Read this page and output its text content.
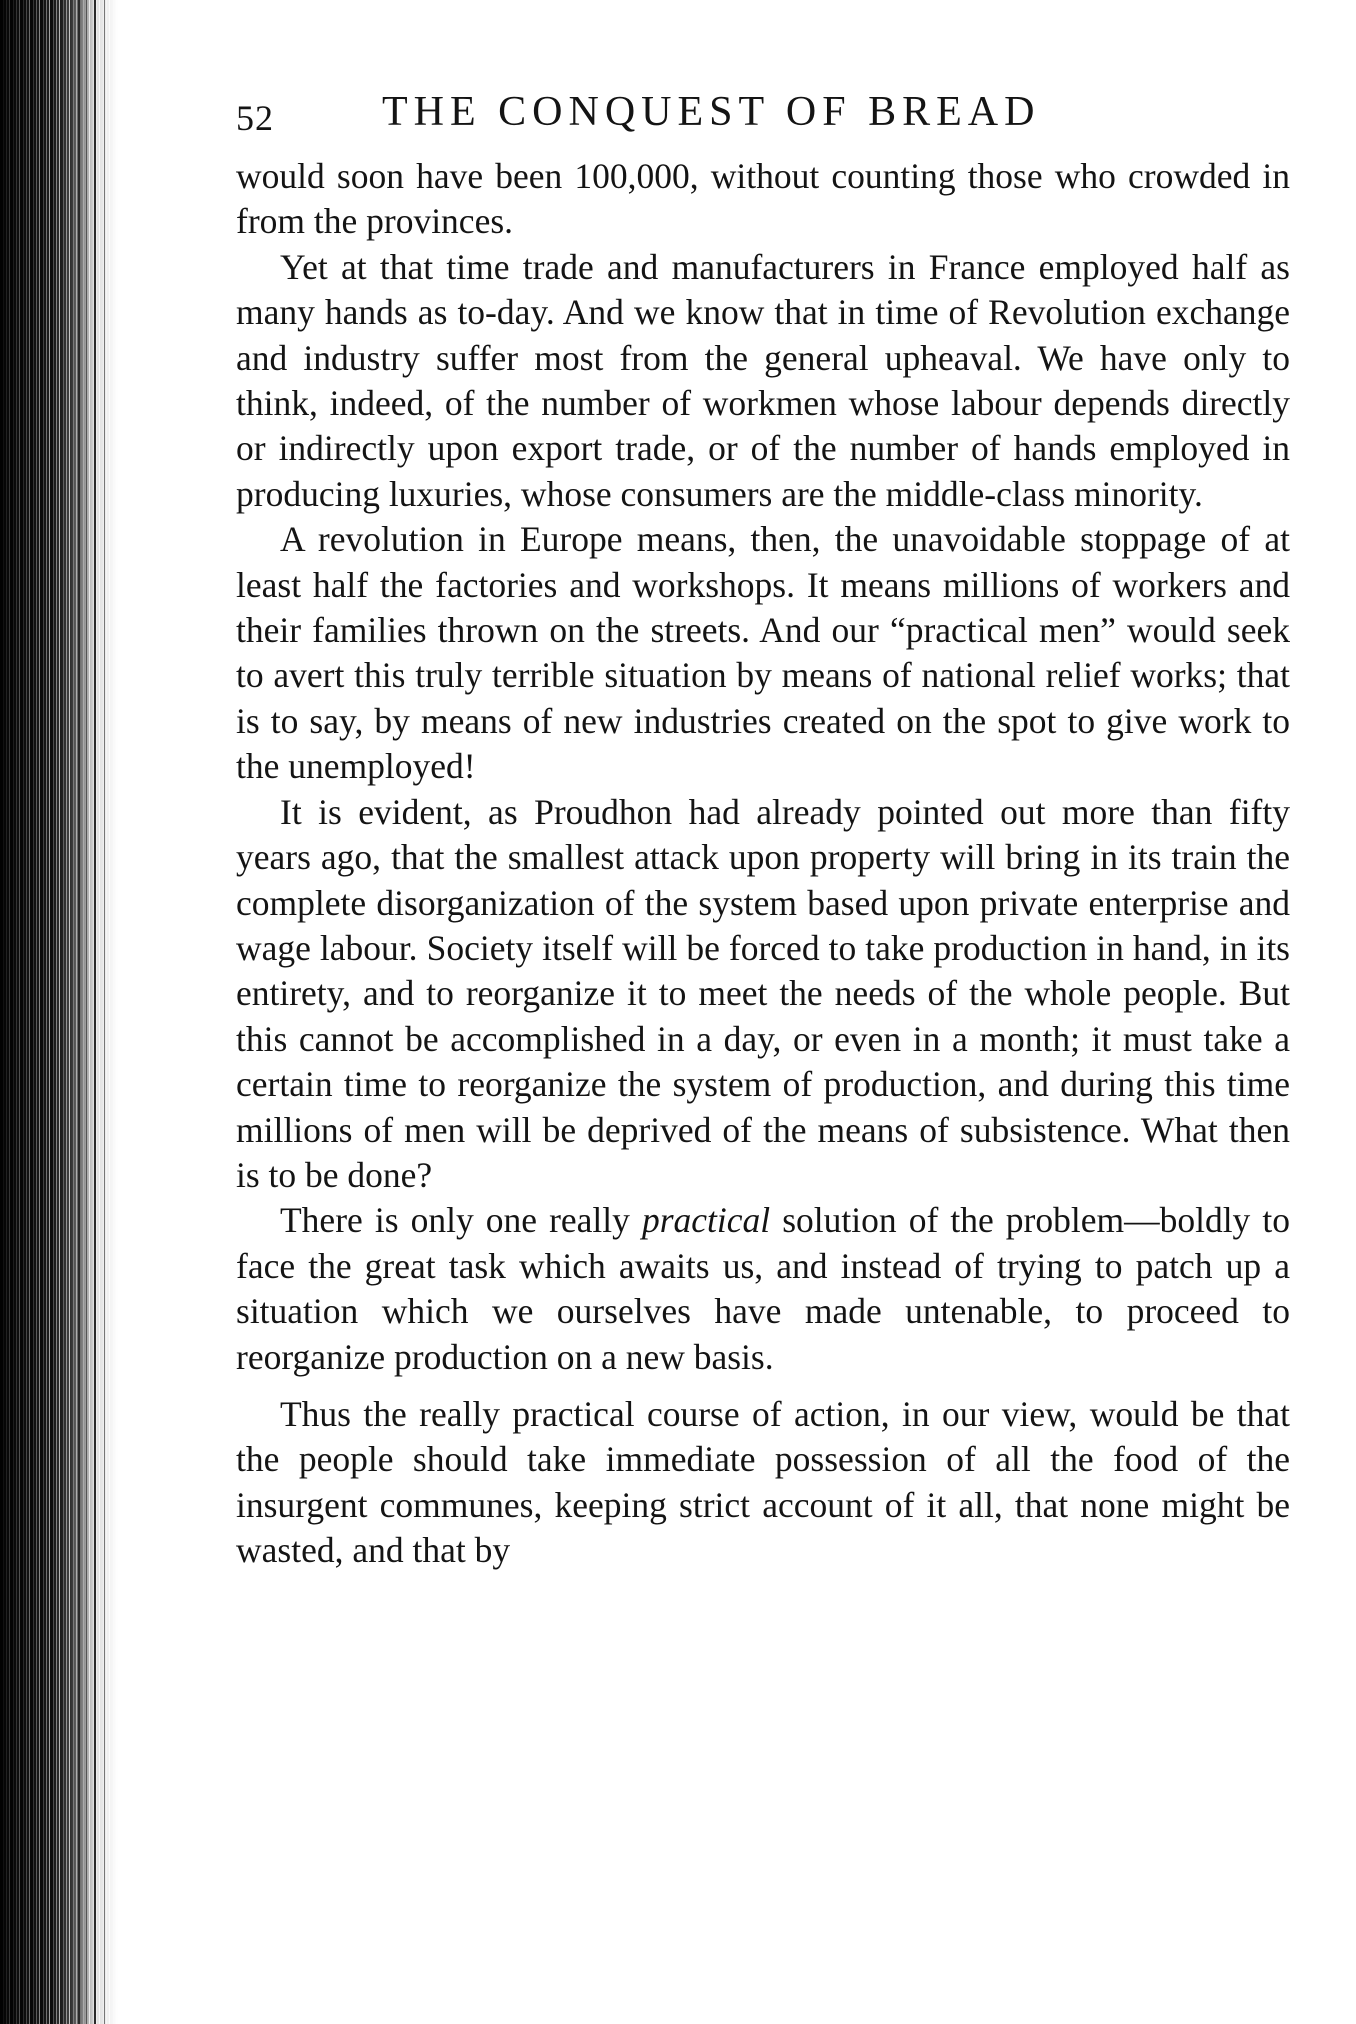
52	THE CONQUEST OF BREAD

would soon have been 100,000, without counting those who crowded in from the provinces.

Yet at that time trade and manufacturers in France employed half as many hands as to-day. And we know that in time of Revolution exchange and industry suffer most from the general upheaval. We have only to think, indeed, of the number of workmen whose labour depends directly or indirectly upon export trade, or of the number of hands employed in producing luxuries, whose consumers are the middle-class minority.

A revolution in Europe means, then, the unavoidable stoppage of at least half the factories and workshops. It means millions of workers and their families thrown on the streets. And our “practical men” would seek to avert this truly terrible situation by means of national relief works; that is to say, by means of new industries created on the spot to give work to the unemployed!

It is evident, as Proudhon had already pointed out more than fifty years ago, that the smallest attack upon property will bring in its train the complete disorganization of the system based upon private enterprise and wage labour. Society itself will be forced to take production in hand, in its entirety, and to reorganize it to meet the needs of the whole people. But this cannot be accomplished in a day, or even in a month; it must take a certain time to reorganize the system of production, and during this time millions of men will be deprived of the means of subsistence. What then is to be done?

There is only one really practical solution of the problem—boldly to face the great task which awaits us, and instead of trying to patch up a situation which we ourselves have made untenable, to proceed to reorganize production on a new basis.

Thus the really practical course of action, in our view, would be that the people should take immediate possession of all the food of the insurgent communes, keeping strict account of it all, that none might be wasted, and that by
